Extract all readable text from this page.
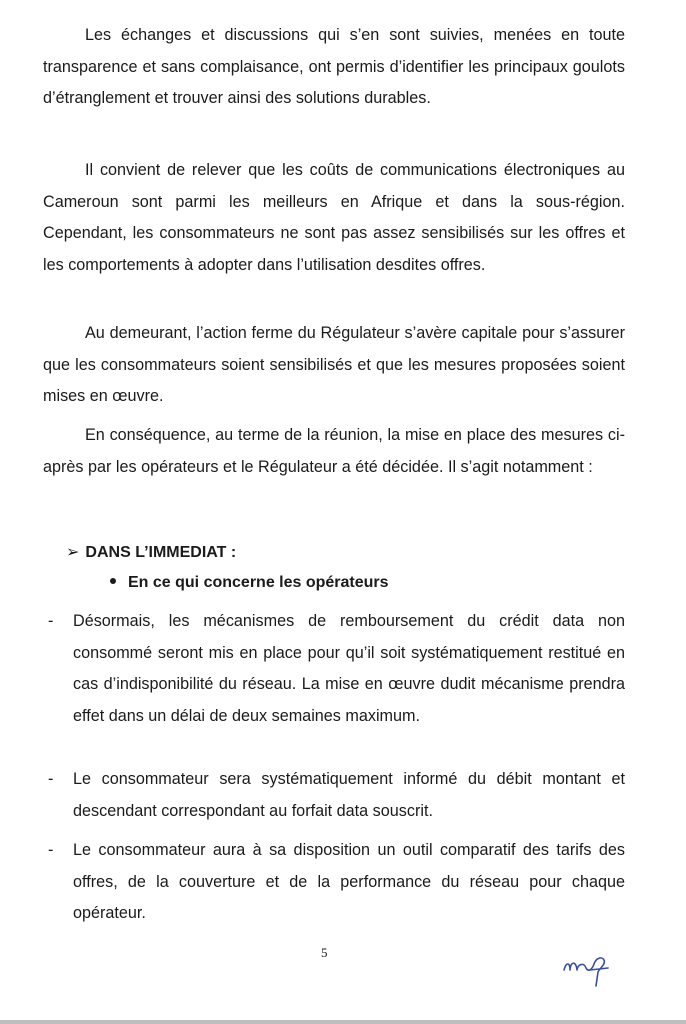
Les échanges et discussions qui s’en sont suivies, menées en toute transparence et sans complaisance, ont permis d’identifier les principaux goulots d’étranglement et trouver ainsi des solutions durables.

Il convient de relever que les coûts de communications électroniques au Cameroun sont parmi les meilleurs en Afrique et dans la sous-région. Cependant, les consommateurs ne sont pas assez sensibilisés sur les offres et les comportements à adopter dans l’utilisation desdites offres.

Au demeurant, l’action ferme du Régulateur s’avère capitale pour s’assurer que les consommateurs soient sensibilisés et que les mesures proposées soient mises en œuvre.

En conséquence, au terme de la réunion, la mise en place des mesures ci-après par les opérateurs et le Régulateur a été décidée. Il s’agit notamment :

➢ DANS L’IMMEDIAT :
En ce qui concerne les opérateurs
- Désormais, les mécanismes de remboursement du crédit data non consommé seront mis en place pour qu’il soit systématiquement restitué en cas d’indisponibilité du réseau. La mise en œuvre dudit mécanisme prendra effet dans un délai de deux semaines maximum.
- Le consommateur sera systématiquement informé du débit montant et descendant correspondant au forfait data souscrit.
- Le consommateur aura à sa disposition un outil comparatif des tarifs des offres, de la couverture et de la performance du réseau pour chaque opérateur.
5
